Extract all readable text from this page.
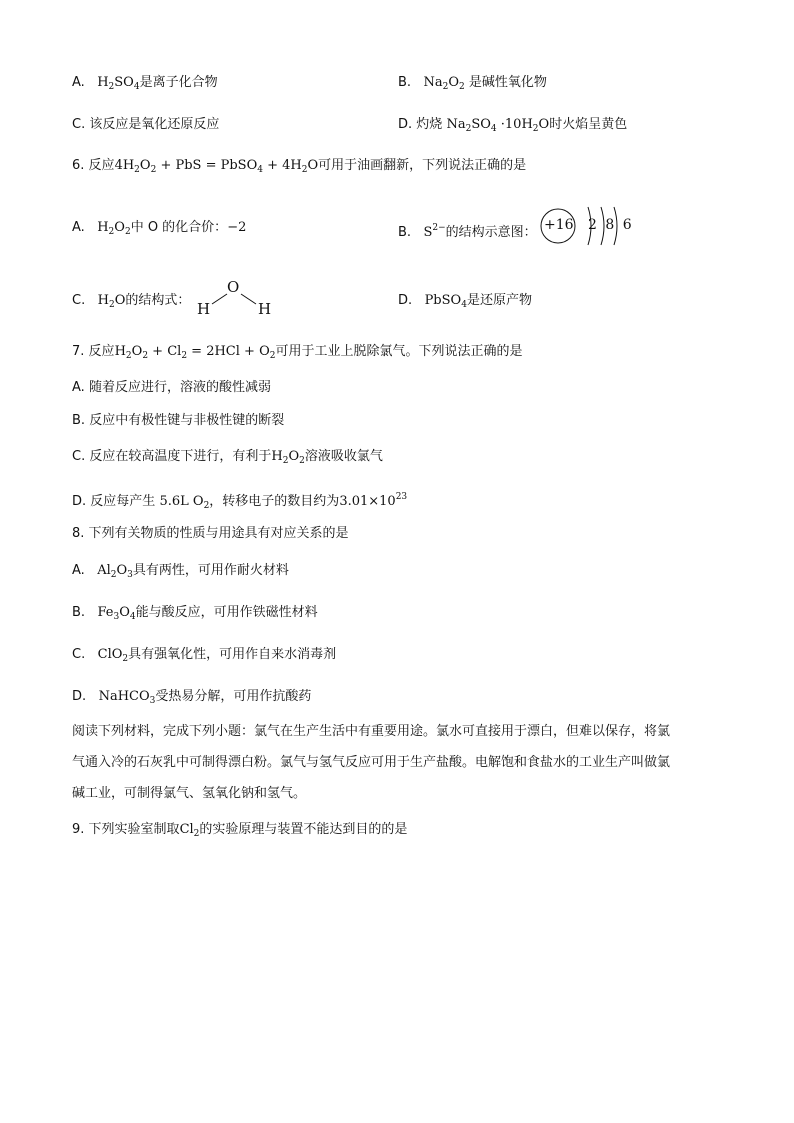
A. $H_2SO_4$是离子化合物	B. $Na_2O_2$ 是碱性氧化物
C. 该反应是氧化还原反应	D. 灼烧 $Na_2SO_4 \cdot 10H_2O$时火焰呈黄色
6. 反应$4H_2O_2$ + PbS = PbSO$_4$ + $4H_2O$可用于油画翻新，下列说法正确的是
A. $H_2O_2$中 O 的化合价：−2	B. $S^{2-}$的结构示意图： +16 2 8 6
C. $H_2O$的结构式：
O
H	H	D. PbSO$_4$是还原产物
7. 反应$H_2O_2 + Cl_2 = 2HCl + O_2$可用于工业上脱除氯气。下列说法正确的是
A. 随着反应进行，溶液的酸性减弱
B. 反应中有极性键与非极性键的断裂
C. 反应在较高温度下进行，有利于$H_2O_2$溶液吸收氯气
D. 反应每产生 5.6L $O_2$，转移电子的数目约为$3.01\times 10^{23}$
8. 下列有关物质的性质与用途具有对应关系的是
A. $Al_2O_3$具有两性，可用作耐火材料
B. $Fe_3O_4$能与酸反应，可用作铁磁性材料
C. ClO$_2$具有强氧化性，可用作自来水消毒剂
D. NaHCO$_3$受热易分解，可用作抗酸药
阅读下列材料，完成下列小题：氯气在生产生活中有重要用途。氯水可直接用于漂白，但难以保存，将氯
气通入冷的石灰乳中可制得漂白粉。氯气与氢气反应可用于生产盐酸。电解饱和食盐水的工业生产叫做氯
碱工业，可制得氯气、氢氧化钠和氢气。
9. 下列实验室制取$Cl_2$的实验原理与装置不能达到目的的是
